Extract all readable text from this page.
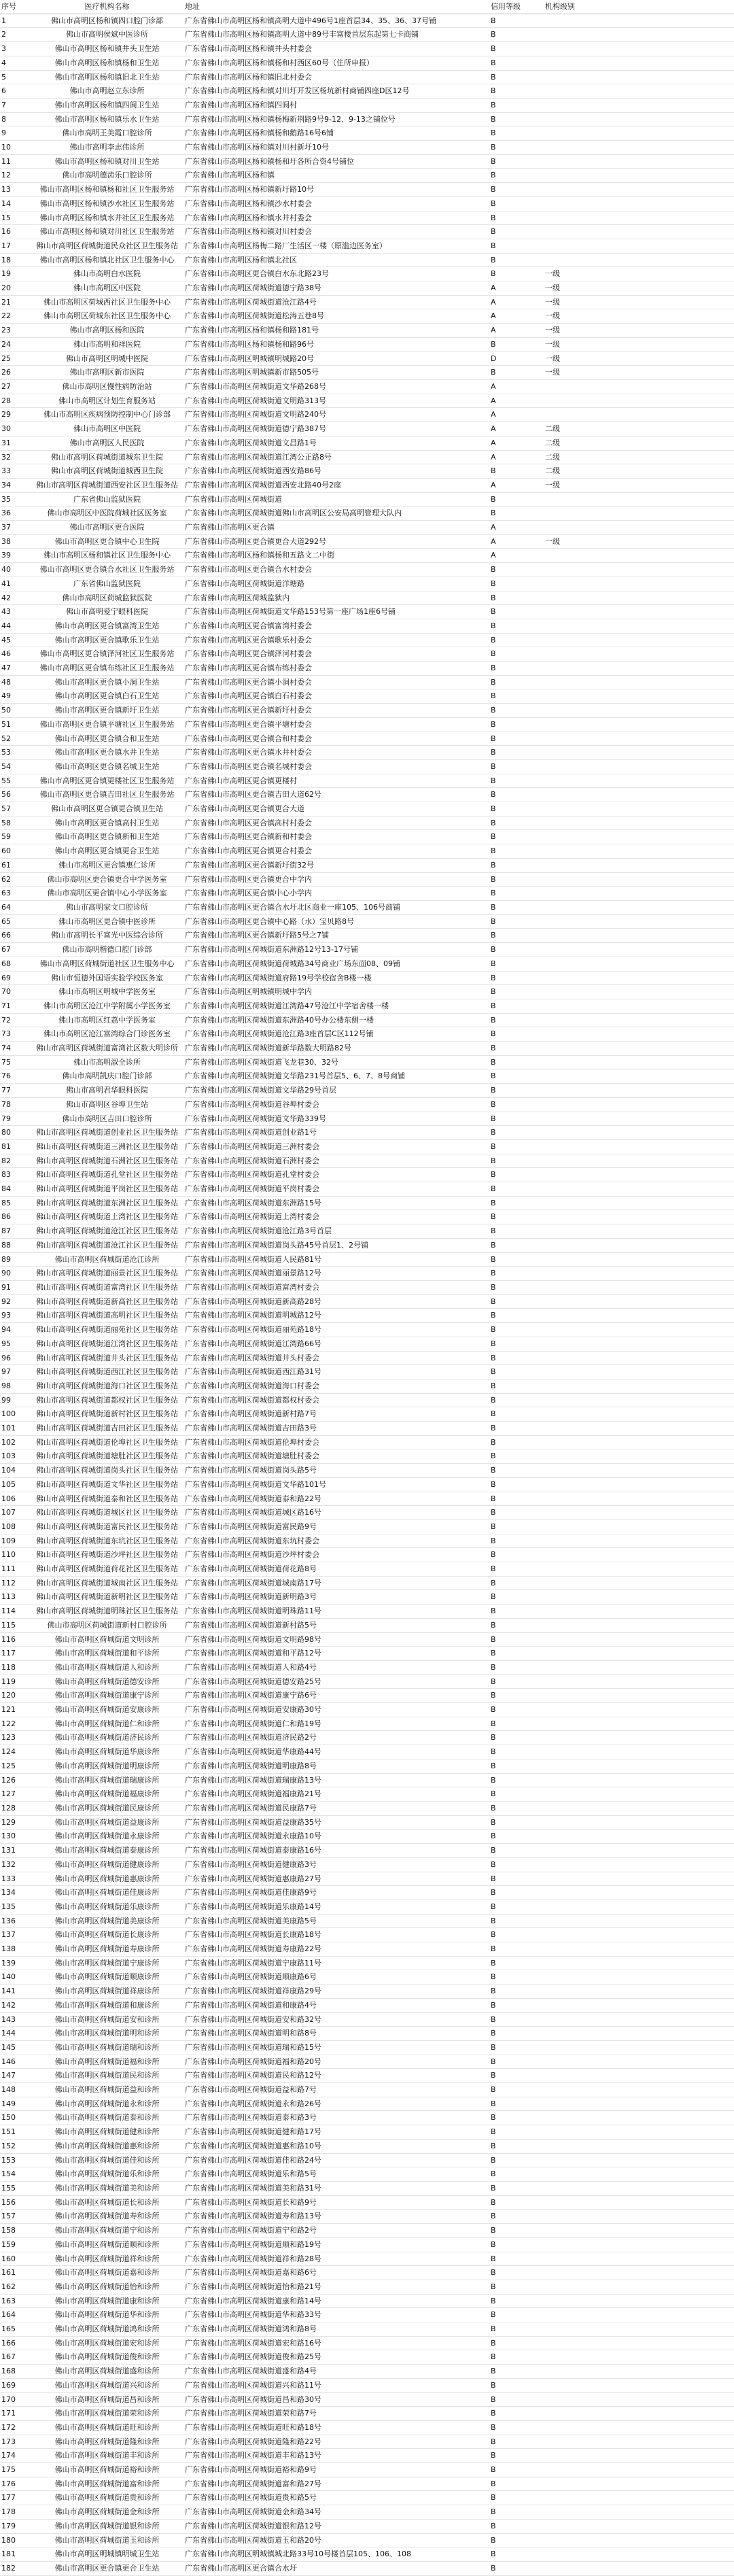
序号	医疗机构名称	地址	信用等级	机构级别
1	佛山市高明区杨和镇四口腔门诊部	广东省佛山市高明区杨和镇高明大道中496号1座首层34、35、36、37号铺	B	
2	佛山市高明侯斌中医诊所	广东省佛山市高明区杨和镇高明大道中89号丰富楼首层东起第七卡商铺	B	
3	佛山市高明区杨和镇井头卫生站	广东省佛山市高明区杨和镇井头村委会	B	
4	佛山市高明区杨和镇杨和卫生站	广东省佛山市高明区杨和镇杨和村西区60号（住所申报）	B	
5	佛山市高明区杨和镇旧北卫生站	广东省佛山市高明区杨和镇旧北村委会	B	
6	佛山市高明赵立东诊所	广东省佛山市高明区杨和镇对川圩开发区杨坑新村商铺四座D区12号	B	
7	佛山市高明区杨和镇四阆卫生站	广东省佛山市高明区杨和镇四阆村	B	
8	佛山市高明区杨和镇乐水卫生站	广东省佛山市高明区杨和镇杨梅新荆路9号9-12、9-13之铺位号	B	
9	佛山市高明王美霞口腔诊所	广东省佛山市高明区杨和镇杨和鹅路16号6铺	B	
10	佛山市高明李志伟诊所	广东省佛山市高明区杨和镇对川村新圩10号	B	
11	佛山市高明区杨和镇对川卫生站	广东省佛山市高明区杨和镇杨和圩各所合资4号铺位	B	
12	佛山市高明德齿乐口腔诊所	广东省佛山市高明区杨和镇	B	
13	佛山市高明区杨和镇杨和社区卫生服务站	广东省佛山市高明区杨和镇新圩路10号	B	
14	佛山市高明区杨和镇沙水社区卫生服务站	广东省佛山市高明区杨和镇沙水村委会	B	
15	佛山市高明区杨和镇水井社区卫生服务站	广东省佛山市高明区杨和镇水井村委会	B	
16	佛山市高明区杨和镇对川社区卫生服务站	广东省佛山市高明区杨和镇对川村委会	B	
17	佛山市高明区荷城街道民众社区卫生服务站	广东省佛山市高明区杨梅二路厂生活区一楼（原滥边医务室）	B	
18	佛山市高明区杨和镇北社区卫生服务中心	广东省佛山市高明区杨和镇北社区	B	
19	佛山市高明白水医院	广东省佛山市高明区更合镇白水东北路23号	B	一级
20	佛山市高明区中医院	广东省佛山市高明区荷城街道德宁路38号	A	一级
21	佛山市高明区荷城西社区卫生服务中心	广东省佛山市高明区荷城街道沧江路4号	A	一级
22	佛山市高明区荷城东社区卫生服务中心	广东省佛山市高明区荷城街道松涛五巷8号	A	一级
23	佛山市高明区杨和医院	广东省佛山市高明区杨和镇杨和路181号	A	一级
24	佛山市高明和祥医院	广东省佛山市高明区杨和镇杨和路96号	B	一级
25	佛山市高明区明城中医院	广东省佛山市高明区明城镇明城路20号	D	一级
26	佛山市高明区新市医院	广东省佛山市高明区明城镇新市路505号	B	一级
27	佛山市高明区慢性病防治站	广东省佛山市高明区荷城街道文华路268号	A	
28	佛山市高明区计划生育服务站	广东省佛山市高明区荷城街道文明路313号	A	
29	佛山市高明区疾病预防控制中心门诊部	广东省佛山市高明区荷城街道文明路240号	A	
30	佛山市高明区中医院	广东省佛山市高明区荷城街道德宁路387号	A	二级
31	佛山市高明区人民医院	广东省佛山市高明区荷城街道文昌路1号	A	二级
32	佛山市高明区荷城街道城东卫生院	广东省佛山市高明区荷城街道江湾公正路8号	A	二级
33	佛山市高明区荷城街道城西卫生院	广东省佛山市高明区荷城街道西安路86号	B	二级
34	佛山市高明区荷城街道西安社区卫生服务站	广东省佛山市高明区荷城街道西安北路40号2座	A	一级
35	广东省佛山监狱医院	广东省佛山市高明区荷城街道	B	
36	佛山市高明区中医院荷城社区医务室	广东省佛山市高明区荷城街道佛山市高明区公安局高明管理大队内	B	
37	佛山市高明区更合医院	广东省佛山市高明区更合镇	A	
38	佛山市高明区更合镇中心卫生院	广东省佛山市高明区更合镇更合大道292号	A	一级
39	佛山市高明区杨和镇社区卫生服务中心	广东省佛山市高明区杨和镇杨和五路文二中街	A	
40	佛山市高明区更合镇合水社区卫生服务站	广东省佛山市高明区更合镇合水村委会	B	
41	广东省佛山监狱医院	广东省佛山市高明区荷城街道洋塘路	B	
42	佛山市高明区荷城监狱医院	广东省佛山市高明区荷城监狱内	B	
43	佛山市高明爱宁眼科医院	广东省佛山市高明区荷城街道文华路153号第一座广场1座6号铺	B	
44	佛山市高明区更合镇富湾卫生站	广东省佛山市高明区更合镇富湾村委会	B	
45	佛山市高明区更合镇歌乐卫生站	广东省佛山市高明区更合镇歌乐村委会	B	
46	佛山市高明区更合镇泽河社区卫生服务站	广东省佛山市高明区更合镇泽河村委会	B	
47	佛山市高明区更合镇布练社区卫生服务站	广东省佛山市高明区更合镇布练村委会	B	
48	佛山市高明区更合镇小洞卫生站	广东省佛山市高明区更合镇小洞村委会	B	
49	佛山市高明区更合镇白石卫生站	广东省佛山市高明区更合镇白石村委会	B	
50	佛山市高明区更合镇新圩卫生站	广东省佛山市高明区更合镇新圩村委会	B	
51	佛山市高明区更合镇平塘社区卫生服务站	广东省佛山市高明区更合镇平塘村委会	B	
52	佛山市高明区更合镇合和卫生站	广东省佛山市高明区更合镇合和村委会	B	
53	佛山市高明区更合镇水井卫生站	广东省佛山市高明区更合镇水井村委会	B	
54	佛山市高明区更合镇名城卫生站	广东省佛山市高明区更合镇名城村委会	B	
55	佛山市高明区更合镇更楼社区卫生服务站	广东省佛山市高明区更合镇更楼村	B	
56	佛山市高明区更合镇吉田社区卫生服务站	广东省佛山市高明区更合镇吉田大道62号	B	
57	佛山市高明区更合镇更合镇卫生站	广东省佛山市高明区更合镇更合大道	B	
58	佛山市高明区更合镇高村卫生站	广东省佛山市高明区更合镇高村村委会	B	
59	佛山市高明区更合镇新和卫生站	广东省佛山市高明区更合镇新和村委会	B	
60	佛山市高明区更合镇更合卫生站	广东省佛山市高明区更合镇更合村委会	B	
61	佛山市高明区更合镇惠仁诊所	广东省佛山市高明区更合镇新圩街32号	B	
62	佛山市高明区更合镇更合中学医务室	广东省佛山市高明区更合镇更合中学内	B	
63	佛山市高明区更合镇中心小学医务室	广东省佛山市高明区更合镇中心小学内	B	
64	佛山市高明家文口腔诊所	广东省佛山市高明区更合镇合水圩北区商业一座105、106号商铺	B	
65	佛山市高明区更合镇中医诊所	广东省佛山市高明区更合镇中心路（水）宝贝路8号	B	
66	佛山市高明长平富光中医综合诊所	广东省佛山市高明区更合镇新圩路5号之7铺	B	
67	佛山市高明楷德口腔门诊部	广东省佛山市高明区荷城街道东洲路12号13-17号铺	B	
68	佛山市高明区荷城街道社区卫生服务中心	广东省佛山市高明区荷城街道荷城路34号商业广场东面08、09铺	B	
69	佛山市恒德外国语实验学校医务室	广东省佛山市高明区荷城街道府路19号学校宿舍B楼一楼	B	
70	佛山市高明区明城中学医务室	广东省佛山市高明区明城镇明城中学内	B	
71	佛山市高明区沧江中学附属小学医务室	广东省佛山市高明区荷城街道江湾路47号沧江中学宿舍楼一楼	B	
72	佛山市高明区红荔中学医务室	广东省佛山市高明区荷城街道东洲路40号办公楼东侧一楼	B	
73	佛山市高明区沧江富湾综合门诊医务室	广东省佛山市高明区荷城街道沧江路3座首层C区112号铺	B	
74	佛山市高明区荷城街道富湾社区数大明诊所	广东省佛山市高明区荷城街道新华路数大明路82号	B	
75	佛山市高明淑全诊所	广东省佛山市高明区荷城街道飞龙巷30、32号	B	
76	佛山市高明凯庆口腔门诊部	广东省佛山市高明区荷城街道文华路231号首层5、6、7、8号商铺	B	
77	佛山市高明君华眼科医院	广东省佛山市高明区荷城街道文华路29号首层	B	
78	佛山市高明区谷埠卫生站	广东省佛山市高明区荷城街道谷埠村委会	B	
79	佛山市高明区吉田口腔诊所	广东省佛山市高明区荷城街道文华路339号	B	
80	佛山市高明区荷城街道创业社区卫生服务站	广东省佛山市高明区荷城街道创业路1号	B	
81	佛山市高明区荷城街道三洲社区卫生服务站	广东省佛山市高明区荷城街道三洲村委会	B	
82	佛山市高明区荷城街道石洲社区卫生服务站	广东省佛山市高明区荷城街道石洲村委会	B	
83	佛山市高明区荷城街道孔堂社区卫生服务站	广东省佛山市高明区荷城街道孔堂村委会	B	
84	佛山市高明区荷城街道平岗社区卫生服务站	广东省佛山市高明区荷城街道平岗村委会	B	
85	佛山市高明区荷城街道东洲社区卫生服务站	广东省佛山市高明区荷城街道东洲路15号	B	
86	佛山市高明区荷城街道上湾社区卫生服务站	广东省佛山市高明区荷城街道上湾村委会	B	
87	佛山市高明区荷城街道沧江社区卫生服务站	广东省佛山市高明区荷城街道沧江路3号首层	B	
88	佛山市高明区荷城街道沧江社区卫生服务站	广东省佛山市高明区荷城街道岗头路45号首层1、2号铺	B	
89	佛山市高明区荷城街道沧江诊所	广东省佛山市高明区荷城街道人民路81号	B	
90	佛山市高明区荷城街道丽景社区卫生服务站	广东省佛山市高明区荷城街道丽景路12号	B	
91	佛山市高明区荷城街道富湾社区卫生服务站	广东省佛山市高明区荷城街道富湾村委会	B	
92	佛山市高明区荷城街道新高社区卫生服务站	广东省佛山市高明区荷城街道新高路28号	B	
93	佛山市高明区荷城街道高明社区卫生服务站	广东省佛山市高明区荷城街道明城路12号	B	
94	佛山市高明区荷城街道丽苑社区卫生服务站	广东省佛山市高明区荷城街道丽苑路18号	B	
95	佛山市高明区荷城街道江湾社区卫生服务站	广东省佛山市高明区荷城街道江湾路66号	B	
96	佛山市高明区荷城街道井头社区卫生服务站	广东省佛山市高明区荷城街道井头村委会	B	
97	佛山市高明区荷城街道西江社区卫生服务站	广东省佛山市高明区荷城街道西江路31号	B	
98	佛山市高明区荷城街道海口社区卫生服务站	广东省佛山市高明区荷城街道海口村委会	B	
99	佛山市高明区荷城街道都权社区卫生服务站	广东省佛山市高明区荷城街道都权村委会	B	
100	佛山市高明区荷城街道新村社区卫生服务站	广东省佛山市高明区荷城街道新村路7号	B	
101	佛山市高明区荷城街道吉田社区卫生服务站	广东省佛山市高明区荷城街道吉田路3号	B	
102	佛山市高明区荷城街道伦埠社区卫生服务站	广东省佛山市高明区荷城街道伦埠村委会	B	
103	佛山市高明区荷城街道塘肚社区卫生服务站	广东省佛山市高明区荷城街道塘肚村委会	B	
104	佛山市高明区荷城街道岗头社区卫生服务站	广东省佛山市高明区荷城街道岗头路5号	B	
105	佛山市高明区荷城街道文华社区卫生服务站	广东省佛山市高明区荷城街道文华路101号	B	
106	佛山市高明区荷城街道泰和社区卫生服务站	广东省佛山市高明区荷城街道泰和路22号	B	
107	佛山市高明区荷城街道城区社区卫生服务站	广东省佛山市高明区荷城街道城区路16号	B	
108	佛山市高明区荷城街道富民社区卫生服务站	广东省佛山市高明区荷城街道富民路9号	B	
109	佛山市高明区荷城街道东坑社区卫生服务站	广东省佛山市高明区荷城街道东坑村委会	B	
110	佛山市高明区荷城街道沙坪社区卫生服务站	广东省佛山市高明区荷城街道沙坪村委会	B	
111	佛山市高明区荷城街道荷花社区卫生服务站	广东省佛山市高明区荷城街道荷花路8号	B	
112	佛山市高明区荷城街道城南社区卫生服务站	广东省佛山市高明区荷城街道城南路17号	B	
113	佛山市高明区荷城街道新明社区卫生服务站	广东省佛山市高明区荷城街道新明路3号	B	
114	佛山市高明区荷城街道明珠社区卫生服务站	广东省佛山市高明区荷城街道明珠路11号	B	
115	佛山市高明区荷城街道新村口腔诊所	广东省佛山市高明区荷城街道新村路5号	B	
116	佛山市高明区荷城街道文明诊所	广东省佛山市高明区荷城街道文明路98号	B	
117	佛山市高明区荷城街道和平诊所	广东省佛山市高明区荷城街道和平路12号	B	
118	佛山市高明区荷城街道人和诊所	广东省佛山市高明区荷城街道人和路4号	B	
119	佛山市高明区荷城街道德安诊所	广东省佛山市高明区荷城街道德安路25号	B	
120	佛山市高明区荷城街道康宁诊所	广东省佛山市高明区荷城街道康宁路6号	B	
121	佛山市高明区荷城街道安康诊所	广东省佛山市高明区荷城街道安康路30号	B	
122	佛山市高明区荷城街道仁和诊所	广东省佛山市高明区荷城街道仁和路19号	B	
123	佛山市高明区荷城街道济民诊所	广东省佛山市高明区荷城街道济民路2号	B	
124	佛山市高明区荷城街道华康诊所	广东省佛山市高明区荷城街道华康路44号	B	
125	佛山市高明区荷城街道明康诊所	广东省佛山市高明区荷城街道明康路8号	B	
126	佛山市高明区荷城街道瑞康诊所	广东省佛山市高明区荷城街道瑞康路13号	B	
127	佛山市高明区荷城街道福康诊所	广东省佛山市高明区荷城街道福康路21号	B	
128	佛山市高明区荷城街道民康诊所	广东省佛山市高明区荷城街道民康路7号	B	
129	佛山市高明区荷城街道益康诊所	广东省佛山市高明区荷城街道益康路35号	B	
130	佛山市高明区荷城街道永康诊所	广东省佛山市高明区荷城街道永康路10号	B	
131	佛山市高明区荷城街道泰康诊所	广东省佛山市高明区荷城街道泰康路16号	B	
132	佛山市高明区荷城街道健康诊所	广东省佛山市高明区荷城街道健康路3号	B	
133	佛山市高明区荷城街道惠康诊所	广东省佛山市高明区荷城街道惠康路27号	B	
134	佛山市高明区荷城街道佳康诊所	广东省佛山市高明区荷城街道佳康路9号	B	
135	佛山市高明区荷城街道乐康诊所	广东省佛山市高明区荷城街道乐康路14号	B	
136	佛山市高明区荷城街道美康诊所	广东省佛山市高明区荷城街道美康路5号	B	
137	佛山市高明区荷城街道长康诊所	广东省佛山市高明区荷城街道长康路18号	B	
138	佛山市高明区荷城街道寿康诊所	广东省佛山市高明区荷城街道寿康路22号	B	
139	佛山市高明区荷城街道宁康诊所	广东省佛山市高明区荷城街道宁康路11号	B	
140	佛山市高明区荷城街道顺康诊所	广东省佛山市高明区荷城街道顺康路6号	B	
141	佛山市高明区荷城街道祥康诊所	广东省佛山市高明区荷城街道祥康路29号	B	
142	佛山市高明区荷城街道和康诊所	广东省佛山市高明区荷城街道和康路4号	B	
143	佛山市高明区荷城街道安和诊所	广东省佛山市高明区荷城街道安和路32号	B	
144	佛山市高明区荷城街道明和诊所	广东省佛山市高明区荷城街道明和路8号	B	
145	佛山市高明区荷城街道瑞和诊所	广东省佛山市高明区荷城街道瑞和路15号	B	
146	佛山市高明区荷城街道福和诊所	广东省佛山市高明区荷城街道福和路20号	B	
147	佛山市高明区荷城街道民和诊所	广东省佛山市高明区荷城街道民和路12号	B	
148	佛山市高明区荷城街道益和诊所	广东省佛山市高明区荷城街道益和路7号	B	
149	佛山市高明区荷城街道永和诊所	广东省佛山市高明区荷城街道永和路26号	B	
150	佛山市高明区荷城街道泰和诊所	广东省佛山市高明区荷城街道泰和路3号	B	
151	佛山市高明区荷城街道健和诊所	广东省佛山市高明区荷城街道健和路17号	B	
152	佛山市高明区荷城街道惠和诊所	广东省佛山市高明区荷城街道惠和路10号	B	
153	佛山市高明区荷城街道佳和诊所	广东省佛山市高明区荷城街道佳和路24号	B	
154	佛山市高明区荷城街道乐和诊所	广东省佛山市高明区荷城街道乐和路5号	B	
155	佛山市高明区荷城街道美和诊所	广东省佛山市高明区荷城街道美和路31号	B	
156	佛山市高明区荷城街道长和诊所	广东省佛山市高明区荷城街道长和路9号	B	
157	佛山市高明区荷城街道寿和诊所	广东省佛山市高明区荷城街道寿和路13号	B	
158	佛山市高明区荷城街道宁和诊所	广东省佛山市高明区荷城街道宁和路2号	B	
159	佛山市高明区荷城街道顺和诊所	广东省佛山市高明区荷城街道顺和路19号	B	
160	佛山市高明区荷城街道祥和诊所	广东省佛山市高明区荷城街道祥和路28号	B	
161	佛山市高明区荷城街道嘉和诊所	广东省佛山市高明区荷城街道嘉和路6号	B	
162	佛山市高明区荷城街道怡和诊所	广东省佛山市高明区荷城街道怡和路21号	B	
163	佛山市高明区荷城街道康和诊所	广东省佛山市高明区荷城街道康和路14号	B	
164	佛山市高明区荷城街道华和诊所	广东省佛山市高明区荷城街道华和路33号	B	
165	佛山市高明区荷城街道鸿和诊所	广东省佛山市高明区荷城街道鸿和路8号	B	
166	佛山市高明区荷城街道宏和诊所	广东省佛山市高明区荷城街道宏和路16号	B	
167	佛山市高明区荷城街道俊和诊所	广东省佛山市高明区荷城街道俊和路25号	B	
168	佛山市高明区荷城街道盛和诊所	广东省佛山市高明区荷城街道盛和路4号	B	
169	佛山市高明区荷城街道兴和诊所	广东省佛山市高明区荷城街道兴和路11号	B	
170	佛山市高明区荷城街道昌和诊所	广东省佛山市高明区荷城街道昌和路30号	B	
171	佛山市高明区荷城街道荣和诊所	广东省佛山市高明区荷城街道荣和路7号	B	
172	佛山市高明区荷城街道旺和诊所	广东省佛山市高明区荷城街道旺和路18号	B	
173	佛山市高明区荷城街道隆和诊所	广东省佛山市高明区荷城街道隆和路22号	B	
174	佛山市高明区荷城街道丰和诊所	广东省佛山市高明区荷城街道丰和路13号	B	
175	佛山市高明区荷城街道裕和诊所	广东省佛山市高明区荷城街道裕和路9号	B	
176	佛山市高明区荷城街道富和诊所	广东省佛山市高明区荷城街道富和路27号	B	
177	佛山市高明区荷城街道贵和诊所	广东省佛山市高明区荷城街道贵和路5号	B	
178	佛山市高明区荷城街道金和诊所	广东省佛山市高明区荷城街道金和路34号	B	
179	佛山市高明区荷城街道银和诊所	广东省佛山市高明区荷城街道银和路12号	B	
180	佛山市高明区荷城街道玉和诊所	广东省佛山市高明区荷城街道玉和路20号	B	
181	佛山市高明区明城镇明城卫生站	广东省佛山市高明区明城镇城北路33号10号楼首层105、106、108	B	
182	佛山市高明区更合镇更合卫生站	广东省佛山市高明区更合镇合水圩	B	
